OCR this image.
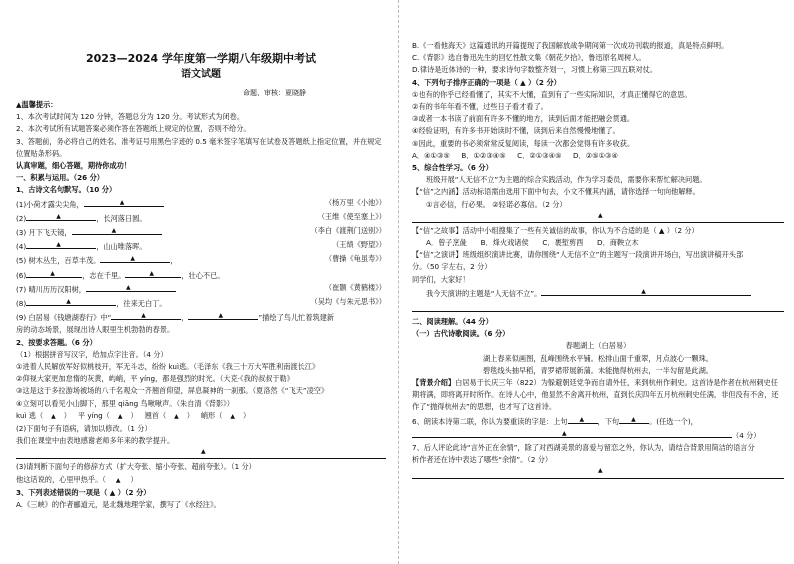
2023—2024 学年度第一学期八年级期中考试
语文试题
命题、审核：夏晓静
▲温馨提示：
1、本次考试时间为 120 分钟，答题总分为 120 分。考试形式为闭卷。
2、本次考试所有试题答案必须作答在答题纸上规定的位置，否则不给分。
3、答题前，务必将自己的姓名、准考证号用黑色字迹的 0.5 毫米签字笔填写在试卷及答题纸上指定位置，并在规定位置贴条形码。
认真审题，细心答题，期待你成功！
一、积累与运用。（26 分）
1、古诗文名句默写。（10 分）
(1)小荷才露尖尖角，	▲	（杨万里《小池》）
(2)	▲	，长河落日圆。	（王维《使至塞上》）
(3) 月下飞天镜，	▲	（李白《渡荆门送别》）
(4)	▲	，山山唯落晖。	（王绩《野望》）
(5) 树木丛生，百草丰茂。	▲	，	（曹操《龟虽寿》）
(6)	▲	，志在千里。	▲	，壮心不已。
(7) 晴川历历汉阳树，	▲	（崔颢《黄鹤楼》）
(8)	▲	，往来无白丁。	（吴均《与朱元思书》）
(9) 白居易《钱塘湖春行》中“	▲	，	▲	”描绘了鸟儿忙着筑建新
房的动态场景，展现出诗人眼里生机勃勃的春景。
2、按要求答题。（6 分）
（1）根据拼音写汉字，给加点字注音。（4 分）
①进着人民解放军好似桃枝开，军无斗志，纷纷 kuì逃。（毛泽东《我三十万大军胜利南渡长江》
②仰视大家更加怠惰的灰黄，屿峭，平 yíng，都是强烈的时光。（大克·《我的叔叔于勒》
③这是这于多拉游场被场的八千名观众一齐翘首仰望，屏息凝神的一刹那。（夏洛然《“飞天”凌空》
④立刻可以看见小山脚下，那里 qiāng 鸟啾啾声。（朱自清《背影》）
kuì 逃（ ▲ ） 平 yíng（ ▲ ） 翘首（ ▲ ） 峭形（ ▲ ）
(2)下面句子有语病，请加以修改。（1 分）
我们在课堂中由表地感谢老师多年来的教学提升。
▲
(3)请判断下面句子的修辞方式（扩大夸张、缩小夸张、超前夸张）。（1 分）
他这话说的，心里甲热乎。（ ▲ ）
3、下列表述错误的一项是（ ▲ ）（2 分）
A.《三峡》的作者郦道元，是北魏地理学家，撰写了《水经注》。
B.《一看他海天》这篇通讯的开篇提现了我国解放战争期间第一次成功刊载的报道，真是特点鲜明。
C.《背影》选自鲁迅先生的回忆性散文集《朝花夕拾》，鲁迅原名周树人。
D.律诗是近体诗的一种，要求诗句字数整齐划一，习惯上称第三四五联对仗。
4、下列句子排序正确的一项是（ ▲ ）（2 分）
①也有的你乎已经看懂了，其实不大懂，直到有了一些实际知识，才真正懂得它的意思。
②有的书年年看不懂，过些日子看才看了。
③或者一本书读了前面有许多不懂的地方，读到后面才能把融会贯通。
④经验证明，有许多书开始读时不懂，读到后来自然慢慢地懂了。
⑤因此，重要的书必须常常反复阅读，每读一次都会觉得有许多收获。
A．④①③⑤ B．①②③④⑤ C．②①③④⑤ D．②⑤①③④
5、综合性学习。（6 分）
班级开展“人无信不立”为主题的综合实践活动，作为学习委员，需要你来帮忙解决问题。
【“信”之内涵】活动标语需由选用下面中句去，小文不懂其内涵，请你选择一句向他解释。
①言必信，行必果。 ②轻诺必寡信。（2 分）
▲
【“信”之故事】活动中小组搜集了一些有关诚信的故事，你认为不合适的是（ ▲ ）（2 分）
A．曾子烹彘 B．烽火戏诸侯 C．裹堑剪酉 D．商鞅立木
【“信”之演讲】班级组织演讲比赛，请你围绕“人无信不立”的主题写一段演讲开场白，写出演讲稿开头部
分。（50 字左右，2 分）
同学们，大家好！
我今天演讲的主题是“人无信不立”。	▲
二、阅读理解。（44 分）
（一）古代诗歌阅读。（6 分）
春题湖上（白居易）
湖上春来似画图，乱峰围绕水平铺。松排山面千重翠，月点波心一颗珠。
碧毯线头抽早稻，青罗裙带展新蒲。未能抛得杭州去，一半勾留是此湖。
【背景介绍】白居易于长庆三年（822）为躲避朝廷党争而自请外任，来到杭州作刺史。这首诗是作者在杭州刺史任期将满，即将离开时所作。在诗人心中，他显然不舍离开杭州，直到长庆四年五月杭州刺史任满，非但没有不舍，还作了“抛得杭州去”的思想，也才写了这首诗。
6、朗读本诗第二联，你认为要重读的字是：上句 ▲ ，下句 ▲ 。(任选一个)，
▲	（4 分）
7、后人评论此诗“言外正在余情”，除了对西湖美景的喜爱与留恋之外，你认为，请结合背景用简洁的语言分
析作者还在诗中表达了哪些“余情”。（2 分）
▲
